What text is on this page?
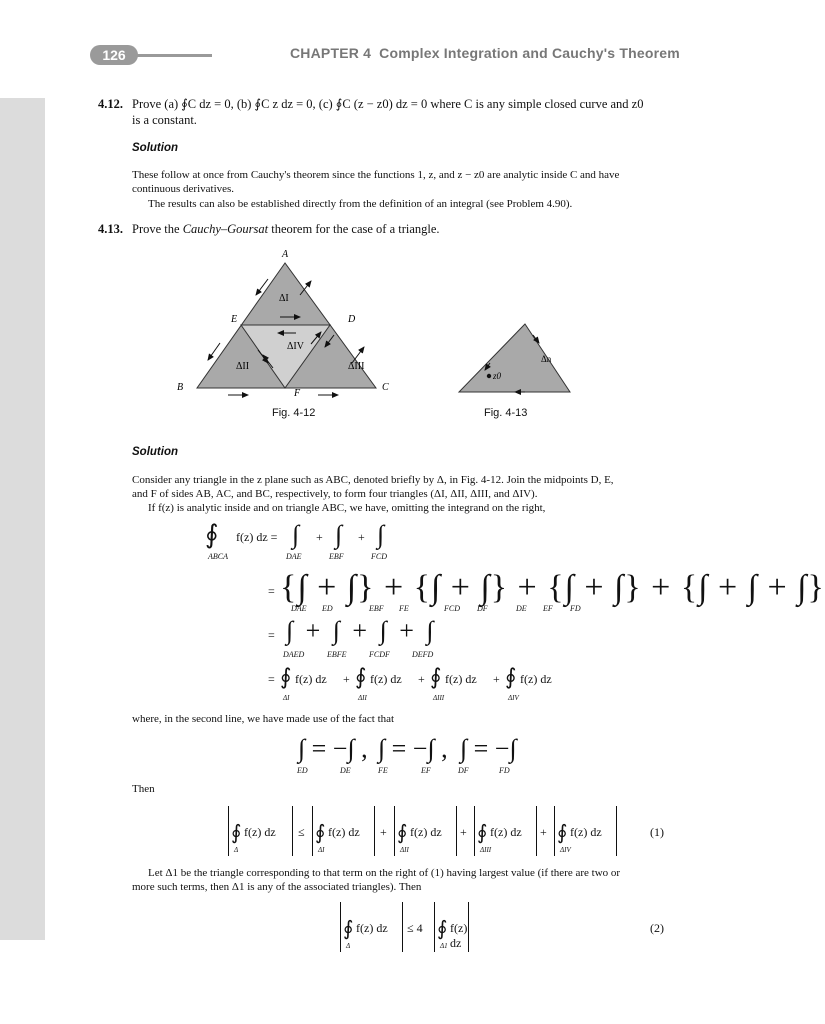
126	CHAPTER 4 Complex Integration and Cauchy's Theorem
4.12. Prove (a) ∮C dz = 0, (b) ∮C z dz = 0, (c) ∮C (z − z0) dz = 0 where C is any simple closed curve and z0
is a constant.
Solution
These follow at once from Cauchy's theorem since the functions 1, z, and z − z0 are analytic inside C and have
continuous derivatives.
The results can also be established directly from the definition of an integral (see Problem 4.90).
4.13. Prove the Cauchy–Goursat theorem for the case of a triangle.
A
B	C
D
E
F
ΔI
ΔII	ΔIII
ΔIV
Fig. 4-12
z0
Δn
Fig. 4-13
Solution
Consider any triangle in the z plane such as ABC, denoted briefly by Δ, in Fig. 4-12. Join the midpoints D, E,
and F of sides AB, AC, and BC, respectively, to form four triangles (ΔI, ΔII, ΔIII, and ΔIV).
If f(z) is analytic inside and on triangle ABC, we have, omitting the integrand on the right,
∮ f(z) dz =
ABCA
∫ + ∫ + ∫
DAE	EBF	FCD
= {∫ + ∫} + {∫ + ∫} + {∫ + ∫} + {∫ + ∫ + ∫}
DAE ED	EBF FE	FCD DF	DE EF FD
= ∫ + ∫ + ∫ + ∫
DAED	EBFE	FCDF	DEFD
= ∮ f(z) dz + ∮ f(z) dz + ∮ f(z) dz + ∮ f(z) dz
ΔI	ΔII	ΔIII	ΔIV
where, in the second line, we have made use of the fact that
∫ = −∫ , ∫ = −∫ , ∫ = −∫
ED	DE	FE	EF	DF	FD
Then
∮ f(z) dz
Δ
≤ ∮ f(z) dz
ΔI
+ ∮ f(z) dz
ΔII
+ ∮ f(z) dz
ΔIII
+ ∮ f(z) dz
ΔIV
(1)
Let Δ1 be the triangle corresponding to that term on the right of (1) having largest value (if there are two or
more such terms, then Δ1 is any of the associated triangles). Then
∮ f(z) dz
Δ
≤ 4 ∮ f(z) dz
Δ1
(2)
